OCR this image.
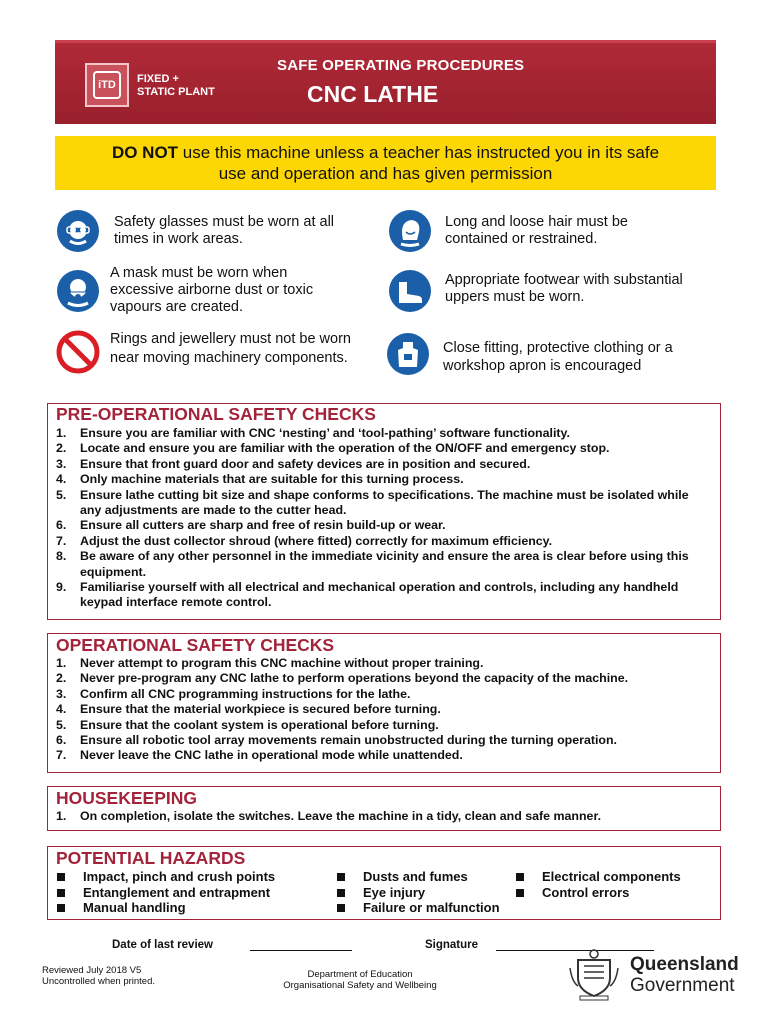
iTD	FIXED +
STATIC PLANT
SAFE OPERATING PROCEDURES
CNC LATHE
DO NOT use this machine unless a teacher has instructed you in its safe
use and operation and has given permission
Safety glasses must be worn at all times in work areas.
A mask must be worn when excessive airborne dust or toxic vapours are created.
Rings and jewellery must not be worn near moving machinery components.
Long and loose hair must be contained or restrained.
Appropriate footwear with substantial uppers must be worn.
Close fitting, protective clothing or a workshop apron is encouraged
PRE-OPERATIONAL SAFETY CHECKS
1. Ensure you are familiar with CNC ‘nesting’ and ‘tool-pathing’ software functionality.
2. Locate and ensure you are familiar with the operation of the ON/OFF and emergency stop.
3. Ensure that front guard door and safety devices are in position and secured.
4. Only machine materials that are suitable for this turning process.
5. Ensure lathe cutting bit size and shape conforms to specifications. The machine must be isolated while any adjustments are made to the cutter head.
6. Ensure all cutters are sharp and free of resin build-up or wear.
7. Adjust the dust collector shroud (where fitted) correctly for maximum efficiency.
8. Be aware of any other personnel in the immediate vicinity and ensure the area is clear before using this equipment.
9. Familiarise yourself with all electrical and mechanical operation and controls, including any handheld keypad interface remote control.
OPERATIONAL SAFETY CHECKS
1. Never attempt to program this CNC machine without proper training.
2. Never pre-program any CNC lathe to perform operations beyond the capacity of the machine.
3. Confirm all CNC programming instructions for the lathe.
4. Ensure that the material workpiece is secured before turning.
5. Ensure that the coolant system is operational before turning.
6. Ensure all robotic tool array movements remain unobstructed during the turning operation.
7. Never leave the CNC lathe in operational mode while unattended.
HOUSEKEEPING
1. On completion, isolate the switches. Leave the machine in a tidy, clean and safe manner.
POTENTIAL HAZARDS
Impact, pinch and crush points
Entanglement and entrapment
Manual handling
Dusts and fumes
Eye injury
Failure or malfunction
Electrical components
Control errors
Date of last review	Signature
Reviewed July 2018 V5
Uncontrolled when printed.
Department of Education
Organisational Safety and Wellbeing
Queensland
Government
